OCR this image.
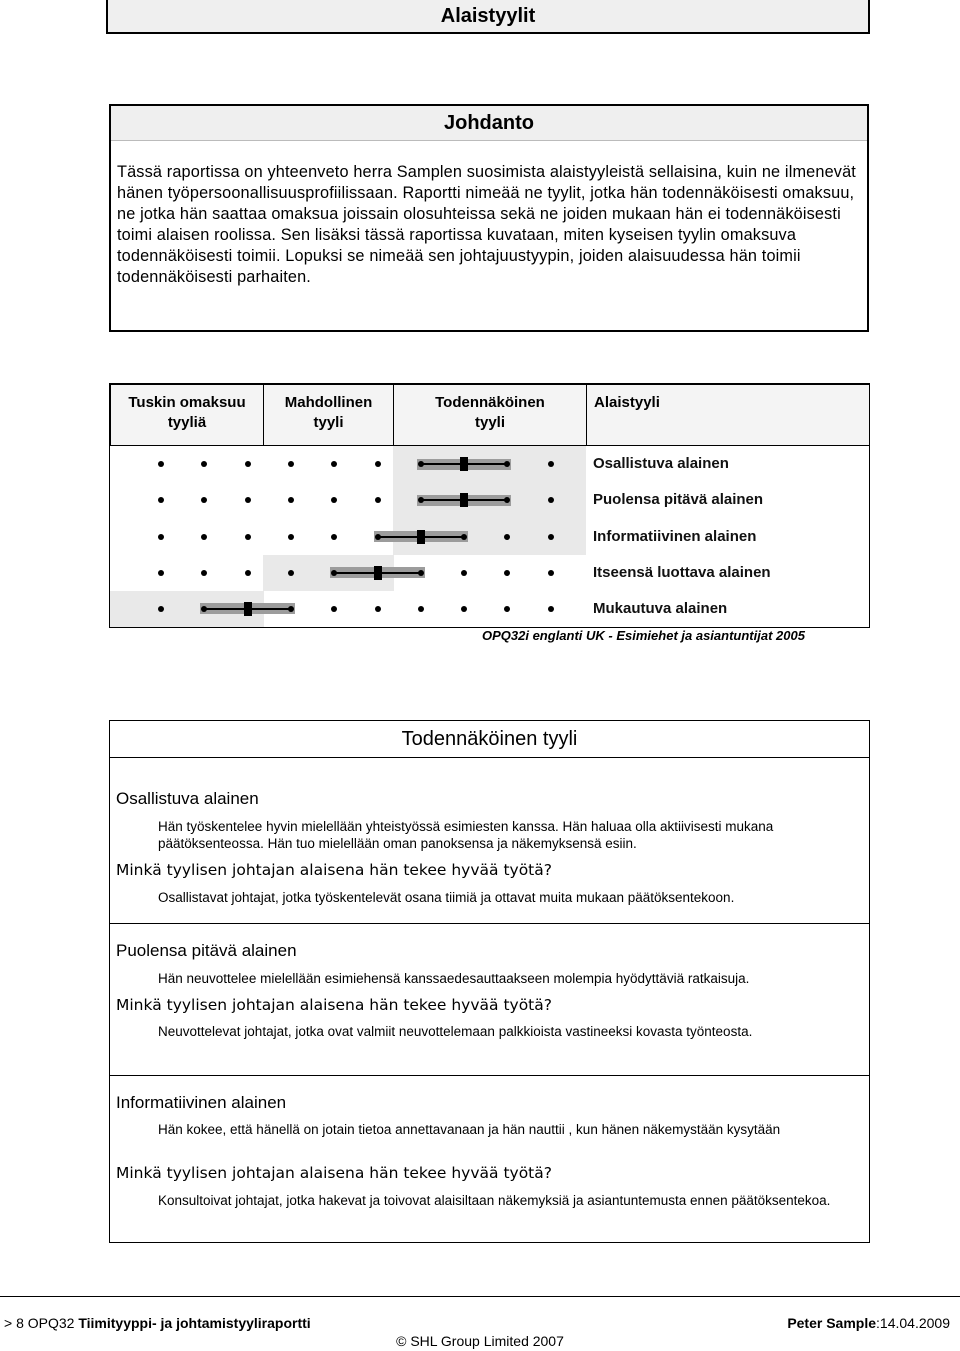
Alaistyylit
Johdanto

Tässä raportissa on yhteenveto herra Samplen suosimista alaistyyleistä sellaisina, kuin ne ilmenevät hänen työpersoonallisuusprofiilissaan. Raportti nimeää ne tyylit, jotka hän todennäköisesti omaksuu, ne jotka hän saattaa omaksua joissain olosuhteissa sekä ne joiden mukaan hän ei todennäköisesti toimi alaisen roolissa. Sen lisäksi tässä raportissa kuvataan, miten kyseisen tyylin omaksuva todennäköisesti toimii. Lopuksi se nimeää sen johtajuustyypin, joiden alaisuudessa hän toimii todennäköisesti parhaiten.

Tuskin omaksuu
tyyliä
Mahdollinen
tyyli
Todennäköinen
tyyli
Alaistyyli
Osallistuva alainen
Puolensa pitävä alainen
Informatiivinen alainen
Itseensä luottava alainen
Mukautuva alainen
OPQ32i englanti UK - Esimiehet ja asiantuntijat 2005
Todennäköinen tyyli
Osallistuva alainen
Hän työskentelee hyvin mielellään yhteistyössä esimiesten kanssa. Hän haluaa olla aktiivisesti mukana päätöksenteossa. Hän tuo mielellään oman panoksensa ja näkemyksensä esiin.
Minkä tyylisen johtajan alaisena hän tekee hyvää työtä?
Osallistavat johtajat, jotka työskentelevät osana tiimiä ja ottavat muita mukaan päätöksentekoon.
Puolensa pitävä alainen
Hän neuvottelee mielellään esimiehensä kanssaedesauttaakseen molempia hyödyttäviä ratkaisuja.
Minkä tyylisen johtajan alaisena hän tekee hyvää työtä?
Neuvottelevat johtajat, jotka ovat valmiit neuvottelemaan palkkioista vastineeksi kovasta työnteosta.
Informatiivinen alainen
Hän kokee, että hänellä on jotain tietoa annettavanaan ja hän nauttii , kun hänen näkemystään kysytään
Minkä tyylisen johtajan alaisena hän tekee hyvää työtä?
Konsultoivat johtajat, jotka hakevat ja toivovat alaisiltaan näkemyksiä ja asiantuntemusta ennen päätöksentekoa.
> 8 OPQ32 Tiimityyppi- ja johtamistyyliraportti	Peter Sample:14.04.2009
© SHL Group Limited 2007
